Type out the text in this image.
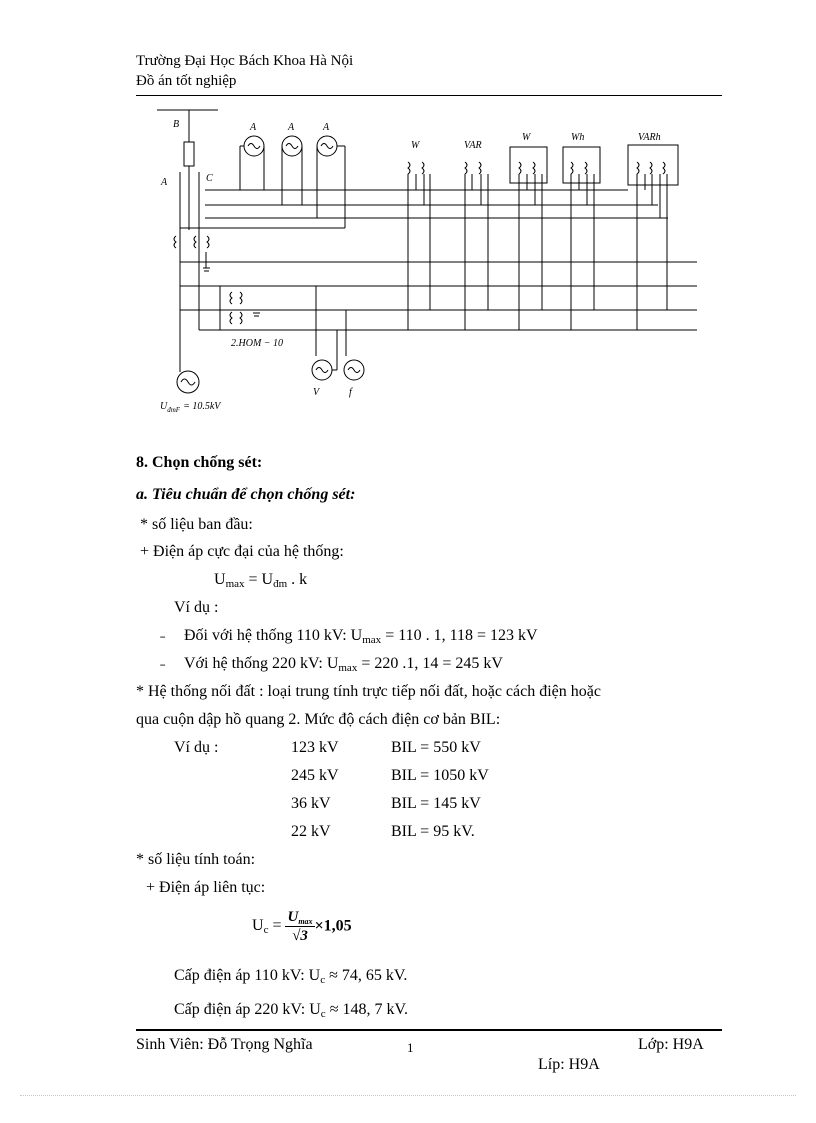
Trường Đại Học Bách Khoa Hà Nội
Đồ án tốt nghiệp
B
A	C
A	A	A
W	VAR
W	Wh	VARh
2.HOM − 10
V	f
$U_{đmF} = 10.5kV$
8. Chọn chống sét:
a. Tiêu chuẩn để chọn chống sét:
* số liệu ban đầu:
+ Điện áp cực đại của hệ thống:
$U_{max} = U_{đm}$ . k
Ví dụ :
˗ Đối với hệ thống 110 kV: $U_{max} = 110$ . 1, 118 = 123 kV
˗ Với hệ thống 220 kV: $U_{max} = 220$ .1, 14 = 245 kV
* Hệ thống nối đất : loại trung tính trực tiếp nối đất, hoặc cách điện hoặc
qua cuộn dập hồ quang 2. Mức độ cách điện cơ bản BIL:
Ví dụ :	123 kV	BIL = 550 kV
245 kV	BIL = 1050 kV
36 kV	BIL = 145 kV
22 kV	BIL = 95 kV.
* số liệu tính toán:
+ Điện áp liên tục:
$U_c = \frac{U_{max}}{√3} \times 1,05$
Cấp điện áp 110 kV: $U_c \approx 74$, 65 kV.
Cấp điện áp 220 kV: $U_c \approx 148$, 7 kV.
Sinh Viên: Đỗ Trọng Nghĩa	1	Lớp: H9A
Líp: H9A
